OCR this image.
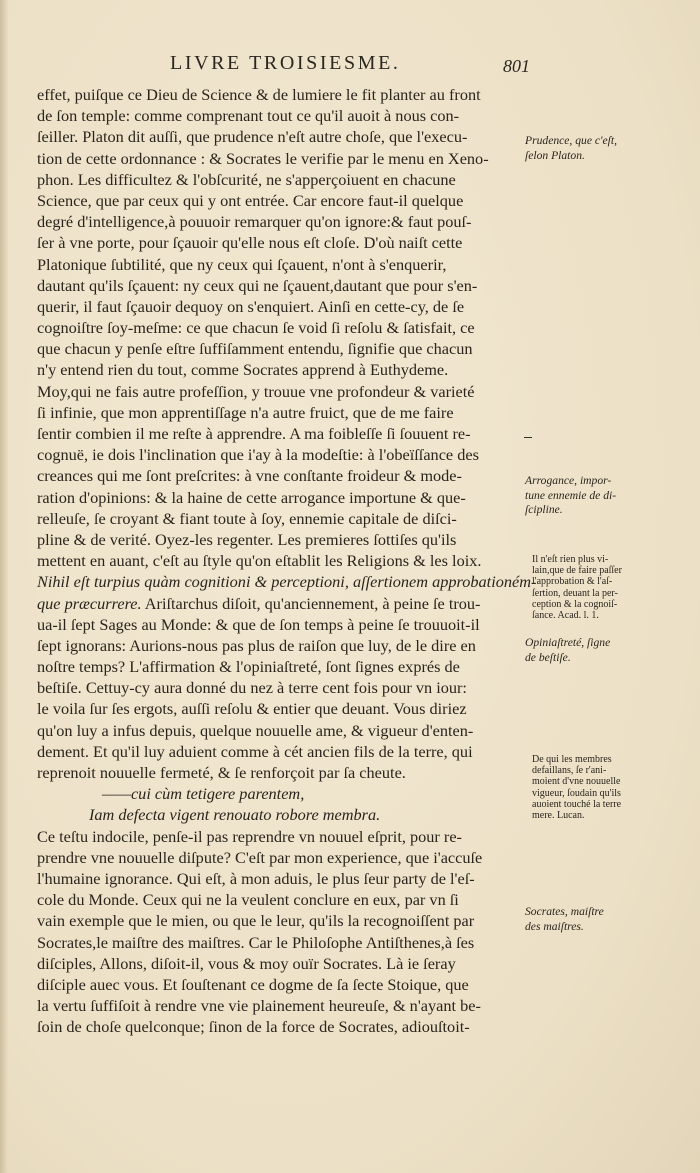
LIVRE TROISIESME.	801
effet, puiſque ce Dieu de Science & de lumiere le fit planter au front
de ſon temple: comme comprenant tout ce qu'il auoit à nous con-
ſeiller. Platon dit auſſi, que prudence n'eſt autre choſe, que l'execu-
tion de cette ordonnance : & Socrates le verifie par le menu en Xeno-
phon. Les difficultez & l'obſcurité, ne s'apperçoiuent en chacune
Science, que par ceux qui y ont entrée. Car encore faut-il quelque
degré d'intelligence,à pouuoir remarquer qu'on ignore:& faut pouſ-
ſer à vne porte, pour ſçauoir qu'elle nous eſt cloſe. D'où naiſt cette
Platonique ſubtilité, que ny ceux qui ſçauent, n'ont à s'enquerir,
dautant qu'ils ſçauent: ny ceux qui ne ſçauent,dautant que pour s'en-
querir, il faut ſçauoir dequoy on s'enquiert. Ainſi en cette-cy, de ſe
cognoiſtre ſoy-meſme: ce que chacun ſe void ſi reſolu & ſatisfait, ce
que chacun y penſe eſtre ſuffiſamment entendu, ſignifie que chacun
n'y entend rien du tout, comme Socrates apprend à Euthydeme.
Moy,qui ne fais autre profeſſion, y trouue vne profondeur & varieté
ſi infinie, que mon apprentiſſage n'a autre fruict, que de me faire
ſentir combien il me reſte à apprendre. A ma foibleſſe ſi ſouuent re-
cognuë, ie dois l'inclination que i'ay à la modeſtie: à l'obeïſſance des
creances qui me ſont preſcrites: à vne conſtante froideur & mode-
ration d'opinions: & la haine de cette arrogance importune & que-
relleuſe, ſe croyant & fiant toute à ſoy, ennemie capitale de diſci-
pline & de verité. Oyez-les regenter. Les premieres ſottiſes qu'ils
mettent en auant, c'eſt au ſtyle qu'on eſtablit les Religions & les loix.
Nihil eſt turpius quàm cognitioni & perceptioni, aſſertionem approbationém-
que præcurrere. Ariſtarchus diſoit, qu'anciennement, à peine ſe trou-
ua-il ſept Sages au Monde: & que de ſon temps à peine ſe trouuoit-il
ſept ignorans: Aurions-nous pas plus de raiſon que luy, de le dire en
noſtre temps? L'affirmation & l'opiniaſtreté, ſont ſignes exprés de
beſtiſe. Cettuy-cy aura donné du nez à terre cent fois pour vn iour:
le voila ſur ſes ergots, auſſi reſolu & entier que deuant. Vous diriez
qu'on luy a infus depuis, quelque nouuelle ame, & vigueur d'enten-
dement. Et qu'il luy aduient comme à cét ancien fils de la terre, qui
reprenoit nouuelle fermeté, & ſe renforçoit par ſa cheute.
——cui cùm tetigere parentem,
Iam defecta vigent renouato robore membra.
Ce teſtu indocile, penſe-il pas reprendre vn nouuel eſprit, pour re-
prendre vne nouuelle diſpute? C'eſt par mon experience, que i'accuſe
l'humaine ignorance. Qui eſt, à mon aduis, le plus ſeur party de l'eſ-
cole du Monde. Ceux qui ne la veulent conclure en eux, par vn ſi
vain exemple que le mien, ou que le leur, qu'ils la recognoiſſent par
Socrates,le maiſtre des maiſtres. Car le Philoſophe Antiſthenes,à ſes
diſciples, Allons, diſoit-il, vous & moy ouïr Socrates. Là ie ſeray
diſciple auec vous. Et ſouſtenant ce dogme de ſa ſecte Stoique, que
la vertu ſuffiſoit à rendre vne vie plainement heureuſe, & n'ayant be-
ſoin de choſe quelconque; ſinon de la force de Socrates, adiouſtoit-
Prudence, que c'eſt,
ſelon Platon.
Arrogance, impor-
tune ennemie de di-
ſcipline.
Il n'eſt rien plus vi-
lain,que de faire paſſer
l'approbation & l'aſ-
ſertion, deuant la per-
ception & la cognoiſ-
ſance. Acad. l. 1.
Opiniaſtreté, ſigne
de beſtiſe.
De qui les membres
defaillans, ſe r'ani-
moient d'vne nouuelle
vigueur, ſoudain qu'ils
auoient touché la terre
mere. Lucan.
Socrates, maiſtre
des maiſtres.
